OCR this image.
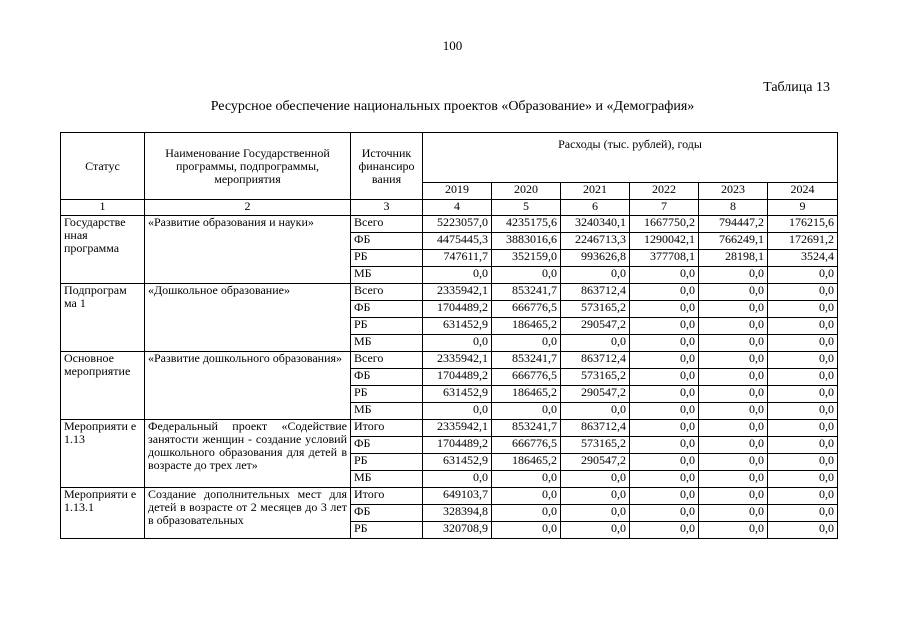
100
Таблица 13
Ресурсное обеспечение национальных проектов «Образование» и «Демография»
Статус	Наименование Государственной программы, подпрограммы, мероприятия	Источник финансиро вания	Расходы (тыс. рублей), годы					
			2019	2020	2021	2022	2023	2024
1	2	3	4	5	6	7	8	9
Государстве нная программа	«Развитие образования и науки»	Всего	5223057,0	4235175,6	3240340,1	1667750,2	794447,2	176215,6
		ФБ	4475445,3	3883016,6	2246713,3	1290042,1	766249,1	172691,2
		РБ	747611,7	352159,0	993626,8	377708,1	28198,1	3524,4
		МБ	0,0	0,0	0,0	0,0	0,0	0,0
Подпрограм ма 1	«Дошкольное образование»	Всего	2335942,1	853241,7	863712,4	0,0	0,0	0,0
		ФБ	1704489,2	666776,5	573165,2	0,0	0,0	0,0
		РБ	631452,9	186465,2	290547,2	0,0	0,0	0,0
		МБ	0,0	0,0	0,0	0,0	0,0	0,0
Основное мероприятие	«Развитие дошкольного образования»	Всего	2335942,1	853241,7	863712,4	0,0	0,0	0,0
		ФБ	1704489,2	666776,5	573165,2	0,0	0,0	0,0
		РБ	631452,9	186465,2	290547,2	0,0	0,0	0,0
		МБ	0,0	0,0	0,0	0,0	0,0	0,0
Мероприяти е 1.13	Федеральный проект «Содействие занятости женщин - создание условий дошкольного образования для детей в возрасте до трех лет»	Итого	2335942,1	853241,7	863712,4	0,0	0,0	0,0
		ФБ	1704489,2	666776,5	573165,2	0,0	0,0	0,0
		РБ	631452,9	186465,2	290547,2	0,0	0,0	0,0
		МБ	0,0	0,0	0,0	0,0	0,0	0,0
Мероприяти е 1.13.1	Создание дополнительных мест для детей в возрасте от 2 месяцев до 3 лет в образовательных	Итого	649103,7	0,0	0,0	0,0	0,0	0,0
		ФБ	328394,8	0,0	0,0	0,0	0,0	0,0
		РБ	320708,9	0,0	0,0	0,0	0,0	0,0
